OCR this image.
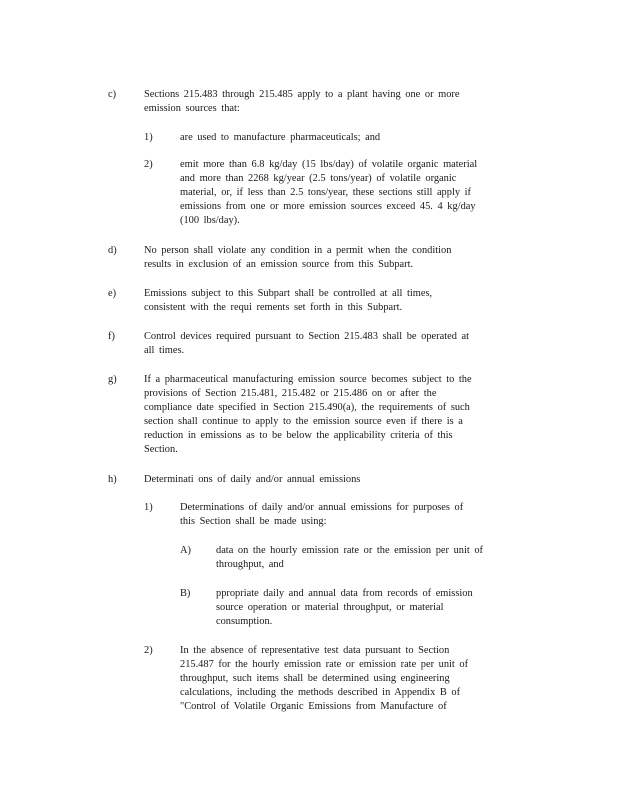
c)	Sections 215.483 through 215.485 apply to a plant having one or more
emission sources that:
1)	are used to manufacture pharmaceuticals; and
2)	emit more than 6.8 kg/day (15 lbs/day) of volatile organic material
and more than 2268 kg/year (2.5 tons/year) of volatile organic
material, or, if less than 2.5 tons/year, these sections still apply if
emissions from one or more emission sources exceed 45. 4 kg/day
(100 lbs/day).
d)	No person shall violate any condition in a permit when the condition
results in exclusion of an emission source from this Subpart.
e)	Emissions subject to this Subpart shall be controlled at all times,
consistent with the requi rements set forth in this Subpart.
f)	Control devices required pursuant to Section 215.483 shall be operated at
all times.
g)	If a pharmaceutical manufacturing emission source becomes subject to the
provisions of Section 215.481, 215.482 or 215.486 on or after the
compliance date specified in Section 215.490(a), the requirements of such
section shall continue to apply to the emission source even if there is a
reduction in emissions as to be below the applicability criteria of this
Section.
h)	Determinati ons of daily and/or annual emissions
1)	Determinations of daily and/or annual emissions for purposes of
this Section shall be made using:
A) data on the hourly emission rate or the emission per unit of
throughput, and
B) ppropriate daily and annual data from records of emission
source operation or material throughput, or material
consumption.
2)	In the absence of representative test data pursuant to Section
215.487 for the hourly emission rate or emission rate per unit of
throughput, such items shall be determined using engineering
calculations, including the methods described in Appendix B of
"Control of Volatile Organic Emissions from Manufacture of
